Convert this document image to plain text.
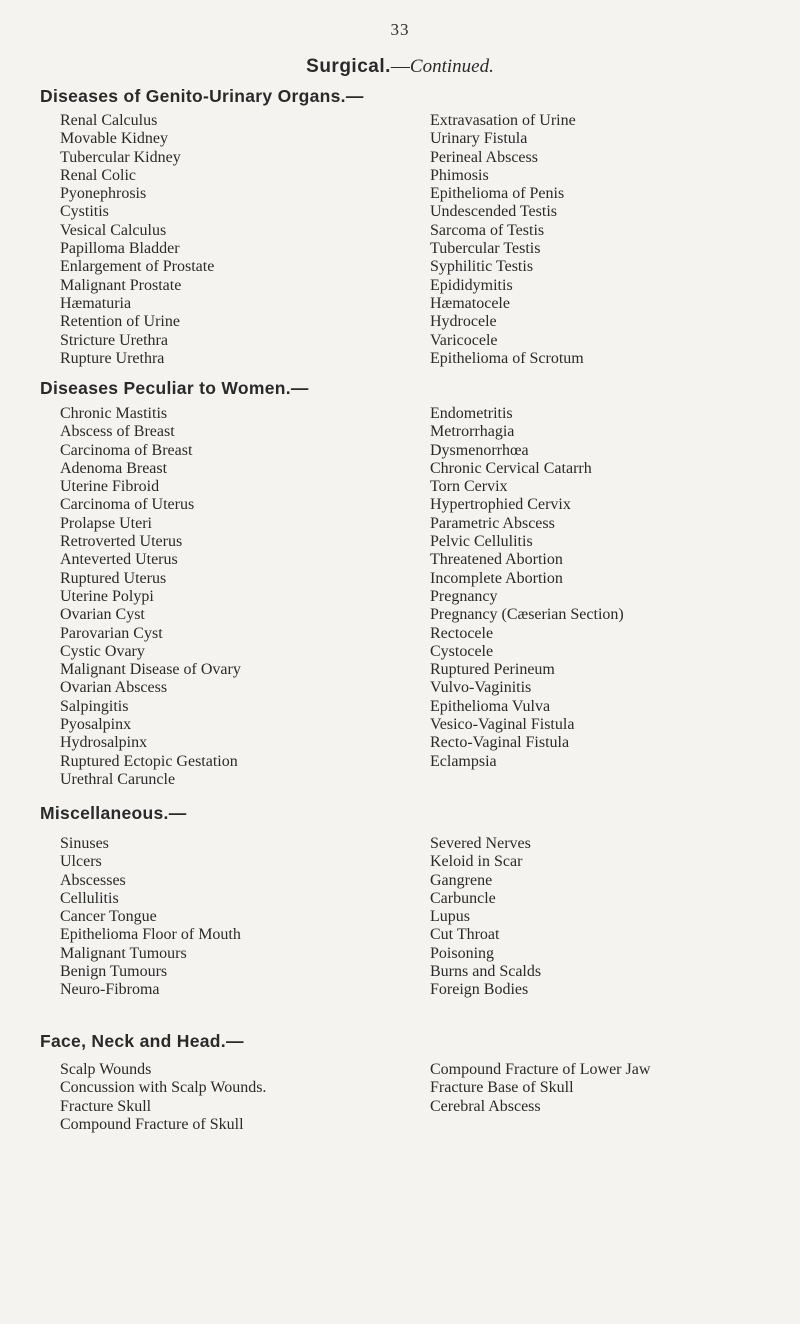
33
Surgical.—Continued.
Diseases of Genito-Urinary Organs.—
Renal Calculus
Movable Kidney
Tubercular Kidney
Renal Colic
Pyonephrosis
Cystitis
Vesical Calculus
Papilloma Bladder
Enlargement of Prostate
Malignant Prostate
Hæmaturia
Retention of Urine
Stricture Urethra
Rupture Urethra
Extravasation of Urine
Urinary Fistula
Perineal Abscess
Phimosis
Epithelioma of Penis
Undescended Testis
Sarcoma of Testis
Tubercular Testis
Syphilitic Testis
Epididymitis
Hæmatocele
Hydrocele
Varicocele
Epithelioma of Scrotum
Diseases Peculiar to Women.—
Chronic Mastitis
Abscess of Breast
Carcinoma of Breast
Adenoma Breast
Uterine Fibroid
Carcinoma of Uterus
Prolapse Uteri
Retroverted Uterus
Anteverted Uterus
Ruptured Uterus
Uterine Polypi
Ovarian Cyst
Parovarian Cyst
Cystic Ovary
Malignant Disease of Ovary
Ovarian Abscess
Salpingitis
Pyosalpinx
Hydrosalpinx
Ruptured Ectopic Gestation
Urethral Caruncle
Endometritis
Metrorrhagia
Dysmenorrhœa
Chronic Cervical Catarrh
Torn Cervix
Hypertrophied Cervix
Parametric Abscess
Pelvic Cellulitis
Threatened Abortion
Incomplete Abortion
Pregnancy
Pregnancy (Cæserian Section)
Rectocele
Cystocele
Ruptured Perineum
Vulvo-Vaginitis
Epithelioma Vulva
Vesico-Vaginal Fistula
Recto-Vaginal Fistula
Eclampsia
Miscellaneous.—
Sinuses
Ulcers
Abscesses
Cellulitis
Cancer Tongue
Epithelioma Floor of Mouth
Malignant Tumours
Benign Tumours
Neuro-Fibroma
Severed Nerves
Keloid in Scar
Gangrene
Carbuncle
Lupus
Cut Throat
Poisoning
Burns and Scalds
Foreign Bodies
Face, Neck and Head.—
Scalp Wounds
Concussion with Scalp Wounds.
Fracture Skull
Compound Fracture of Skull
Compound Fracture of Lower Jaw
Fracture Base of Skull
Cerebral Abscess
